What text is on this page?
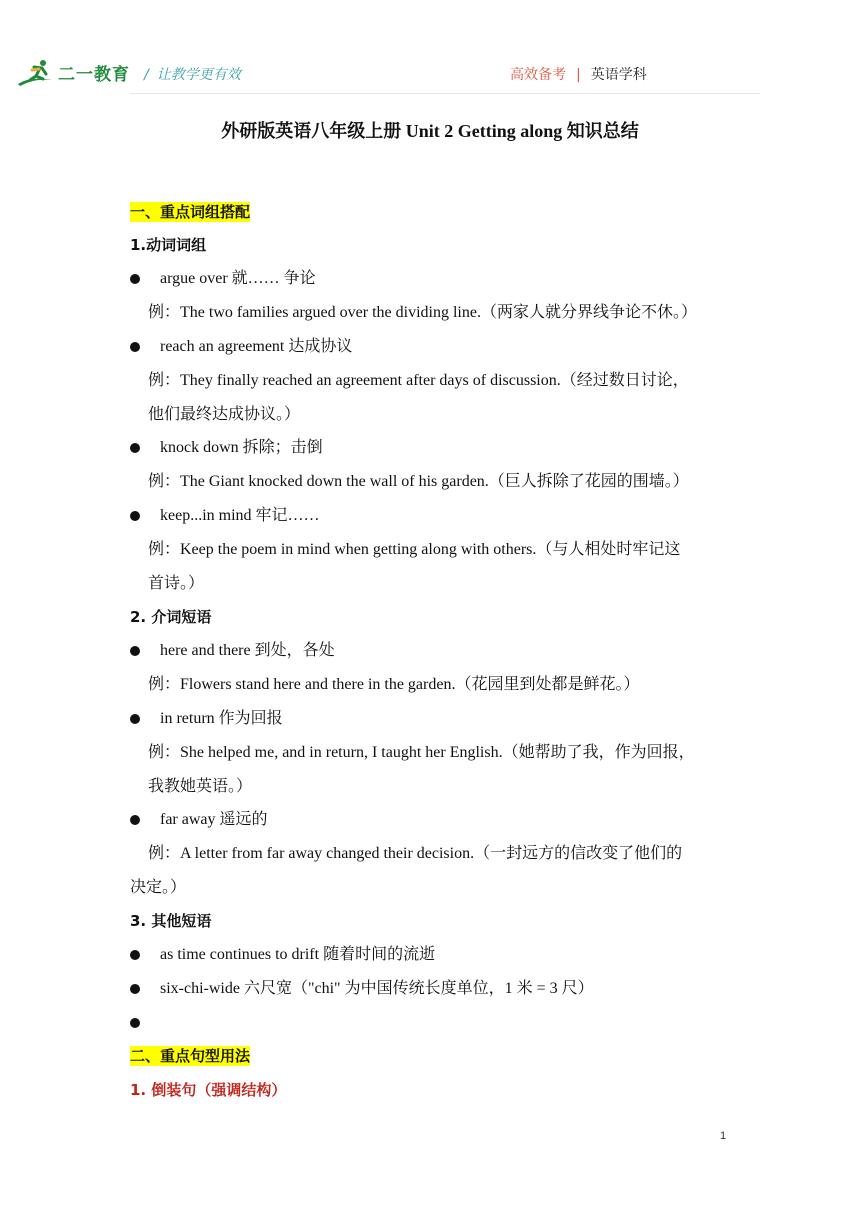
二一教育 / 让教学更有效	高效备考 | 英语学科
外研版英语八年级上册 Unit 2 Getting along 知识总结
一、重点词组搭配
1.动词词组
argue over 就…… 争论
例：The two families argued over the dividing line.（两家人就分界线争论不休。）
reach an agreement 达成协议
例：They finally reached an agreement after days of discussion.（经过数日讨论，
他们最终达成协议。）
knock down 拆除；击倒
例：The Giant knocked down the wall of his garden.（巨人拆除了花园的围墙。）
keep...in mind 牢记……
例：Keep the poem in mind when getting along with others.（与人相处时牢记这
首诗。）
2. 介词短语
here and there 到处，各处
例：Flowers stand here and there in the garden.（花园里到处都是鲜花。）
in return 作为回报
例：She helped me, and in return, I taught her English.（她帮助了我，作为回报，
我教她英语。）
far away 遥远的
例：A letter from far away changed their decision.（一封远方的信改变了他们的
决定。）
3. 其他短语
as time continues to drift 随着时间的流逝
six-chi-wide 六尺宽（"chi" 为中国传统长度单位，1 米 = 3 尺）
二、重点句型用法
1. 倒装句（强调结构）
1
